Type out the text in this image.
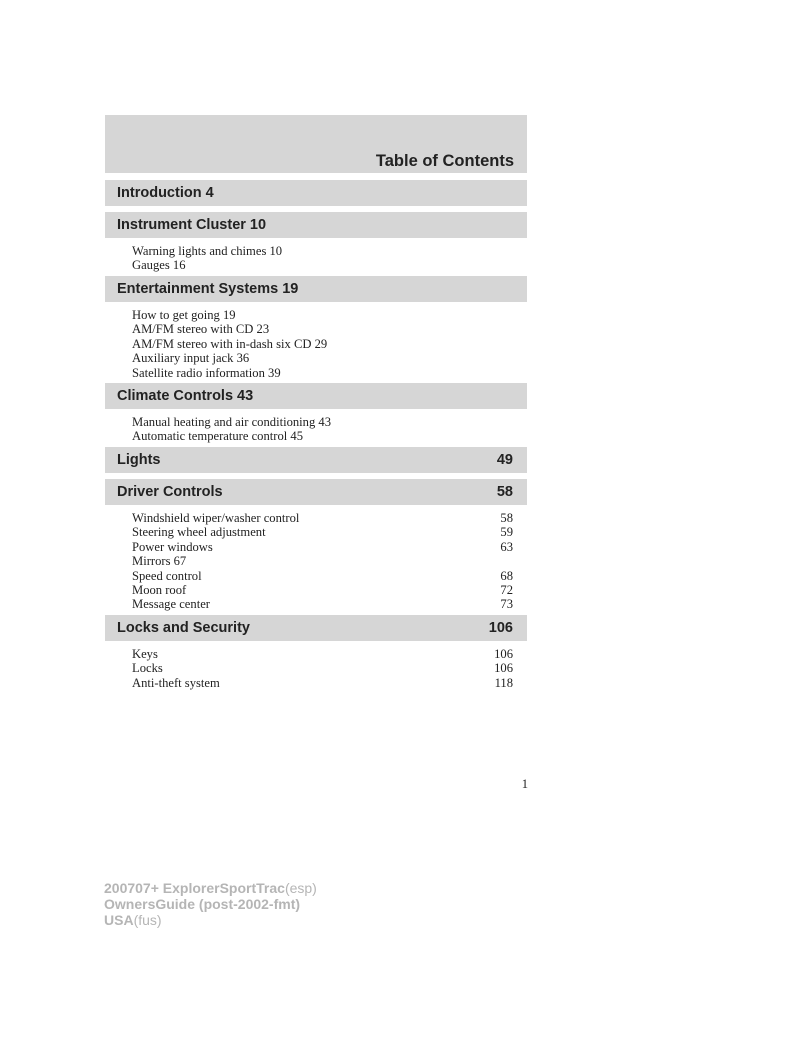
Table of Contents
Introduction 4
Instrument Cluster 10
Warning lights and chimes 10
Gauges 16
Entertainment Systems 19
How to get going 19
AM/FM stereo with CD 23
AM/FM stereo with in-dash six CD 29
Auxiliary input jack 36
Satellite radio information 39
Climate Controls 43
Manual heating and air conditioning 43
Automatic temperature control 45
Lights	49
Driver Controls	58
Windshield wiper/washer control	58
Steering wheel adjustment	59
Power windows	63
Mirrors 67
Speed control	68
Moon roof	72
Message center	73
Locks and Security	106
Keys	106
Locks	106
Anti-theft system	118
1
200707+ ExplorerSportTrac(esp)
OwnersGuide (post-2002-fmt)
USA(fus)
